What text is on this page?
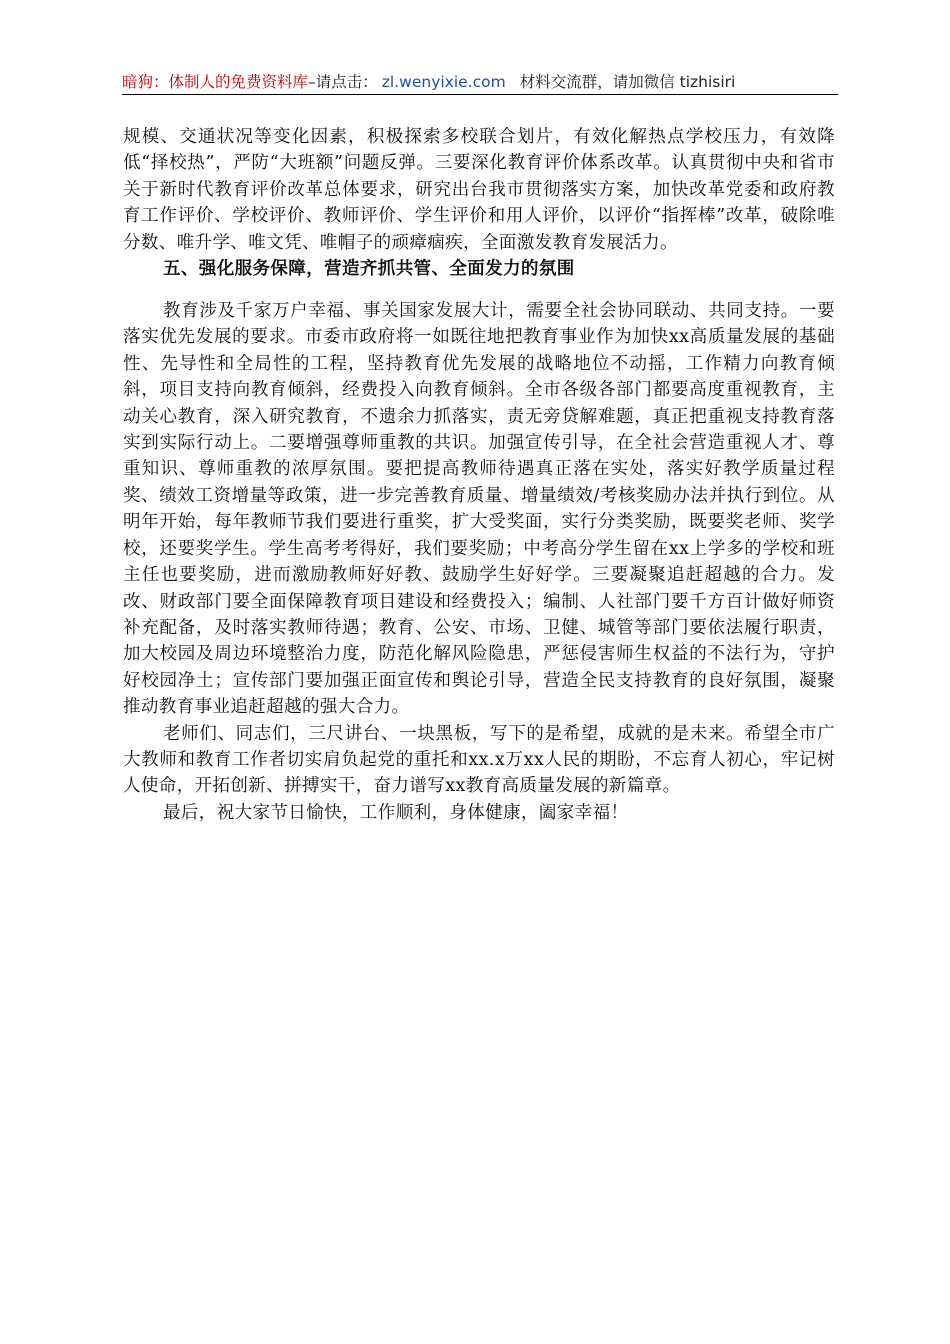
暗狗：体制人的免费资料库 –请点击： zl.wenyixie.com 材料交流群，请加微信 tizhisiri

规模、交通状况等变化因素，积极探索多校联合划片，有效化解热点学校压力，有效降低“择校热”，严防“大班额”问题反弹。三要深化教育评价体系改革。认真贯彻中央和省市关于新时代教育评价改革总体要求，研究出台我市贯彻落实方案，加快改革党委和政府教育工作评价、学校评价、教师评价、学生评价和用人评价，以评价“指挥棒”改革，破除唯分数、唯升学、唯文凭、唯帽子的顽瘴痼疾，全面激发教育发展活力。

五、强化服务保障，营造齐抓共管、全面发力的氛围

教育涉及千家万户幸福、事关国家发展大计，需要全社会协同联动、共同支持。一要落实优先发展的要求。市委市政府将一如既往地把教育事业作为加快xx高质量发展的基础性、先导性和全局性的工程，坚持教育优先发展的战略地位不动摇，工作精力向教育倾斜，项目支持向教育倾斜，经费投入向教育倾斜。全市各级各部门都要高度重视教育，主动关心教育，深入研究教育，不遗余力抓落实，责无旁贷解难题，真正把重视支持教育落实到实际行动上。二要增强尊师重教的共识。加强宣传引导，在全社会营造重视人才、尊重知识、尊师重教的浓厚氛围。要把提高教师待遇真正落在实处，落实好教学质量过程奖、绩效工资增量等政策，进一步完善教育质量、增量绩效/考核奖励办法并执行到位。从明年开始，每年教师节我们要进行重奖，扩大受奖面，实行分类奖励，既要奖老师、奖学校，还要奖学生。学生高考考得好，我们要奖励；中考高分学生留在xx上学多的学校和班主任也要奖励，进而激励教师好好教、鼓励学生好好学。三要凝聚追赶超越的合力。发改、财政部门要全面保障教育项目建设和经费投入；编制、人社部门要千方百计做好师资补充配备，及时落实教师待遇；教育、公安、市场、卫健、城管等部门要依法履行职责，加大校园及周边环境整治力度，防范化解风险隐患，严惩侵害师生权益的不法行为，守护好校园净土；宣传部门要加强正面宣传和舆论引导，营造全民支持教育的良好氛围，凝聚推动教育事业追赶超越的强大合力。

老师们、同志们，三尺讲台、一块黑板，写下的是希望，成就的是未来。希望全市广大教师和教育工作者切实肩负起党的重托和xx.x万xx人民的期盼，不忘育人初心，牢记树人使命，开拓创新、拼搏实干，奋力谱写xx教育高质量发展的新篇章。

最后，祝大家节日愉快，工作顺利，身体健康，阖家幸福！
